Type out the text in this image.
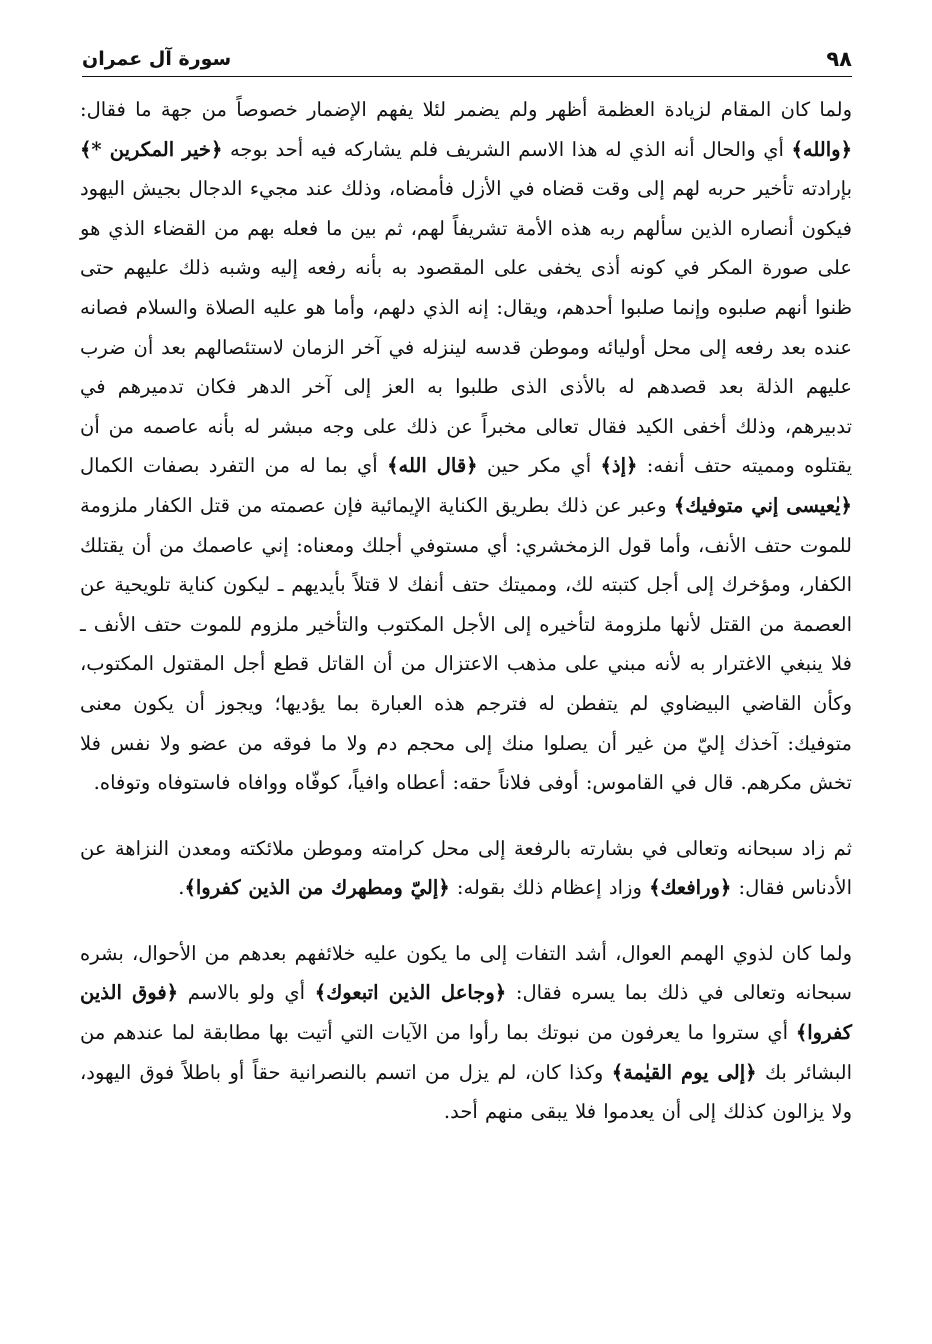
٩٨
سورة آل عمران

ولما كان المقام لزيادة العظمة أظهر ولم يضمر لئلا يفهم الإضمار خصوصاً من جهة ما فقال: ﴿والله﴾ أي والحال أنه الذي له هذا الاسم الشريف فلم يشاركه فيه أحد بوجه ﴿خير المكرين *﴾ بإرادته تأخير حربه لهم إلى وقت قضاه في الأزل فأمضاه، وذلك عند مجيء الدجال بجيش اليهود فيكون أنصاره الذين سألهم ربه هذه الأمة تشريفاً لهم، ثم بين ما فعله بهم من القضاء الذي هو على صورة المكر في كونه أذى يخفى على المقصود به بأنه رفعه إليه وشبه ذلك عليهم حتى ظنوا أنهم صلبوه وإنما صلبوا أحدهم، ويقال: إنه الذي دلهم، وأما هو عليه الصلاة والسلام فصانه عنده بعد رفعه إلى محل أوليائه وموطن قدسه لينزله في آخر الزمان لاستئصالهم بعد أن ضرب عليهم الذلة بعد قصدهم له بالأذى الذى طلبوا به العز إلى آخر الدهر فكان تدميرهم في تدبيرهم، وذلك أخفى الكيد فقال تعالى مخبراً عن ذلك على وجه مبشر له بأنه عاصمه من أن يقتلوه ومميته حتف أنفه: ﴿إذ﴾ أي مكر حين ﴿قال الله﴾ أي بما له من التفرد بصفات الكمال ﴿يٰعيسى إني متوفيك﴾ وعبر عن ذلك بطريق الكناية الإيمائية فإن عصمته من قتل الكفار ملزومة للموت حتف الأنف، وأما قول الزمخشري: أي مستوفي أجلك ومعناه: إني عاصمك من أن يقتلك الكفار، ومؤخرك إلى أجل كتبته لك، ومميتك حتف أنفك لا قتلاً بأيديهم ـ ليكون كناية تلويحية عن العصمة من القتل لأنها ملزومة لتأخيره إلى الأجل المكتوب والتأخير ملزوم للموت حتف الأنف ـ فلا ينبغي الاغترار به لأنه مبني على مذهب الاعتزال من أن القاتل قطع أجل المقتول المكتوب، وكأن القاضي البيضاوي لم يتفطن له فترجم هذه العبارة بما يؤديها؛ ويجوز أن يكون معنى متوفيك: آخذك إليّ من غير أن يصلوا منك إلى محجم دم ولا ما فوقه من عضو ولا نفس فلا تخش مكرهم. قال في القاموس: أوفى فلاناً حقه: أعطاه وافياً، كوفّاه ووافاه فاستوفاه وتوفاه.

ثم زاد سبحانه وتعالى في بشارته بالرفعة إلى محل كرامته وموطن ملائكته ومعدن النزاهة عن الأدناس فقال: ﴿ورافعك﴾ وزاد إعظام ذلك بقوله: ﴿إليّ ومطهرك من الذين كفروا﴾.

ولما كان لذوي الهمم العوال، أشد التفات إلى ما يكون عليه خلائفهم بعدهم من الأحوال، بشره سبحانه وتعالى في ذلك بما يسره فقال: ﴿وجاعل الذين اتبعوك﴾ أي ولو بالاسم ﴿فوق الذين كفروا﴾ أي ستروا ما يعرفون من نبوتك بما رأوا من الآيات التي أتيت بها مطابقة لما عندهم من البشائر بك ﴿إلى يوم القيٰمة﴾ وكذا كان، لم يزل من اتسم بالنصرانية حقاً أو باطلاً فوق اليهود، ولا يزالون كذلك إلى أن يعدموا فلا يبقى منهم أحد.
